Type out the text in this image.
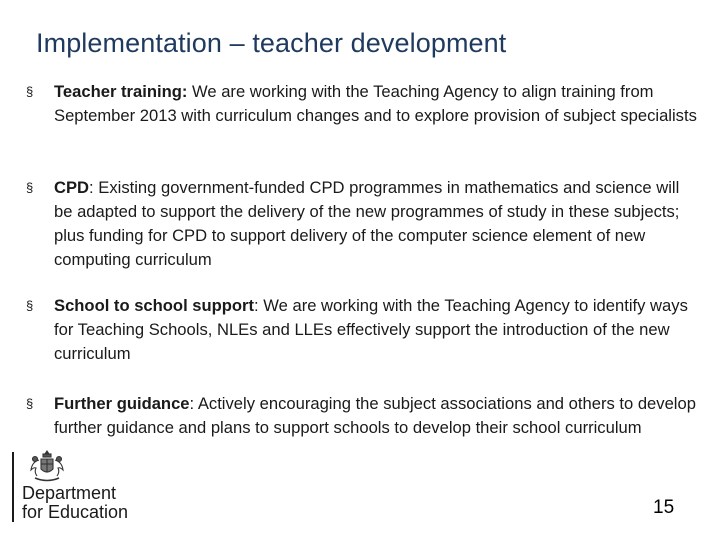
Implementation – teacher development
§ Teacher training: We are working with the Teaching Agency to align training from September 2013 with curriculum changes and to explore provision of subject specialists
§ CPD: Existing government-funded CPD programmes in mathematics and science will be adapted to support the delivery of the new programmes of study in these subjects; plus funding for CPD to support delivery of the computer science element of new computing curriculum
§ School to school support: We are working with the Teaching Agency to identify ways for Teaching Schools, NLEs and LLEs effectively support the introduction of the new curriculum
§ Further guidance: Actively encouraging the subject associations and others to develop further guidance and plans to support schools to develop their school curriculum
Department
for Education	15
